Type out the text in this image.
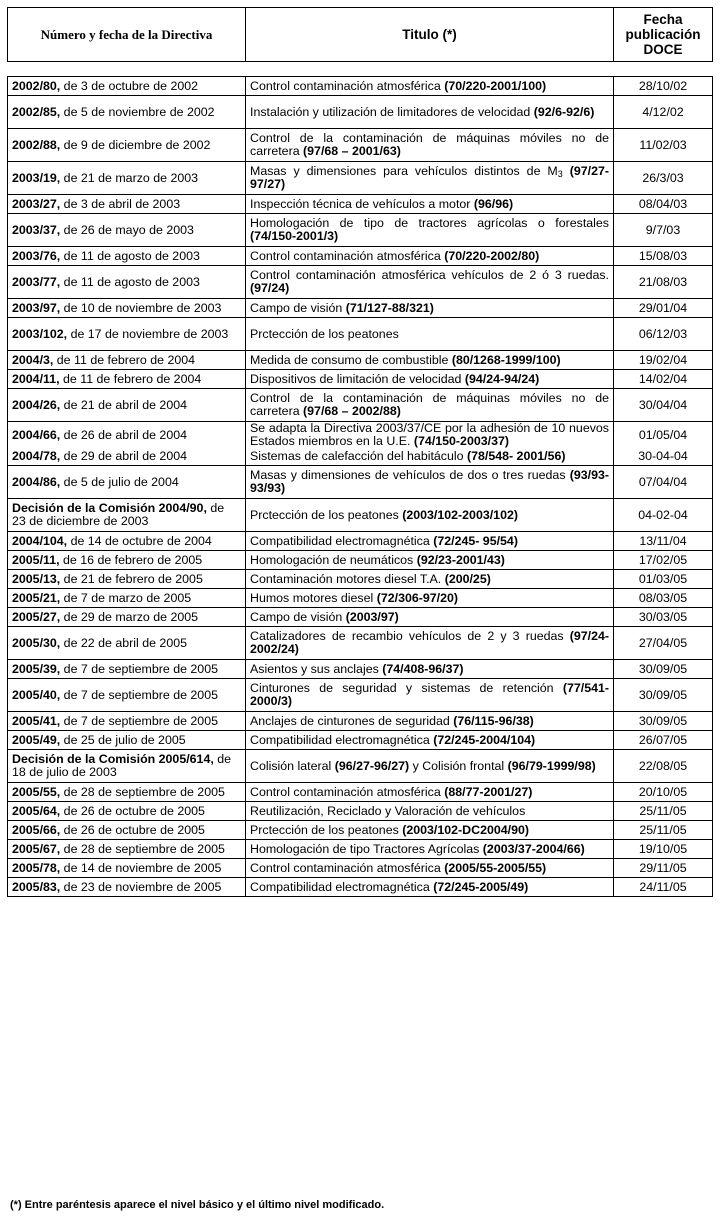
Número y fecha de la Directiva	Titulo (*)	Fecha
publicación
DOCE
2002/80, de 3 de octubre de 2002	Control contaminación atmosférica (70/220-2001/100)	28/10/02
2002/85, de 5 de noviembre de 2002	Instalación y utilización de limitadores de velocidad (92/6-92/6)	4/12/02
2002/88, de 9 de diciembre de 2002	Control de la contaminación de máquinas móviles no de carretera (97/68 – 2001/63)	11/02/03
2003/19, de 21 de marzo de 2003	Masas y dimensiones para vehículos distintos de $M_3$ (97/27-97/27)	26/3/03
2003/27, de 3 de abril de 2003	Inspección técnica de vehículos a motor (96/96)	08/04/03
2003/37, de 26 de mayo de 2003	Homologación de tipo de tractores agrícolas o forestales (74/150-2001/3)	9/7/03
2003/76, de 11 de agosto de 2003	Control contaminación atmosférica (70/220-2002/80)	15/08/03
2003/77, de 11 de agosto de 2003	Control contaminación atmosférica vehículos de 2 ó 3 ruedas. (97/24)	21/08/03
2003/97, de 10 de noviembre de 2003	Campo de visión (71/127-88/321)	29/01/04
2003/102, de 17 de noviembre de 2003	Prctección de los peatones	06/12/03
2004/3, de 11 de febrero de 2004	Medida de consumo de combustible (80/1268-1999/100)	19/02/04
2004/11, de 11 de febrero de 2004	Dispositivos de limitación de velocidad (94/24-94/24)	14/02/04
2004/26, de 21 de abril de 2004	Control de la contaminación de máquinas móviles no de carretera (97/68 – 2002/88)	30/04/04
2004/66, de 26 de abril de 2004	Se adapta la Directiva 2003/37/CE por la adhesión de 10 nuevos Estados miembros en la U.E. (74/150-2003/37)	01/05/04
2004/78, de 29 de abril de 2004	Sistemas de calefacción del habitáculo (78/548- 2001/56)	30-04-04
2004/86, de 5 de julio de 2004	Masas y dimensiones de vehículos de dos o tres ruedas (93/93-93/93)	07/04/04
Decisión de la Comisión 2004/90, de 23 de diciembre de 2003	Prctección de los peatones (2003/102-2003/102)	04-02-04
2004/104, de 14 de octubre de 2004	Compatibilidad electromagnética (72/245- 95/54)	13/11/04
2005/11, de 16 de febrero de 2005	Homologación de neumáticos (92/23-2001/43)	17/02/05
2005/13, de 21 de febrero de 2005	Contaminación motores diesel T.A. (200/25)	01/03/05
2005/21, de 7 de marzo de 2005	Humos motores diesel (72/306-97/20)	08/03/05
2005/27, de 29 de marzo de 2005	Campo de visión (2003/97)	30/03/05
2005/30, de 22 de abril de 2005	Catalizadores de recambio vehículos de 2 y 3 ruedas (97/24-2002/24)	27/04/05
2005/39, de 7 de septiembre de 2005	Asientos y sus anclajes (74/408-96/37)	30/09/05
2005/40, de 7 de septiembre de 2005	Cinturones de seguridad y sistemas de retención (77/541-2000/3)	30/09/05
2005/41, de 7 de septiembre de 2005	Anclajes de cinturones de seguridad (76/115-96/38)	30/09/05
2005/49, de 25 de julio de 2005	Compatibilidad electromagnética (72/245-2004/104)	26/07/05
Decisión de la Comisión 2005/614, de 18 de julio de 2003	Colisión lateral (96/27-96/27) y Colisión frontal (96/79-1999/98)	22/08/05
2005/55, de 28 de septiembre de 2005	Control contaminación atmosférica (88/77-2001/27)	20/10/05
2005/64, de 26 de octubre de 2005	Reutilización, Reciclado y Valoración de vehículos	25/11/05
2005/66, de 26 de octubre de 2005	Prctección de los peatones (2003/102-DC2004/90)	25/11/05
2005/67, de 28 de septiembre de 2005	Homologación de tipo Tractores Agrícolas (2003/37-2004/66)	19/10/05
2005/78, de 14 de noviembre de 2005	Control contaminación atmosférica (2005/55-2005/55)	29/11/05
2005/83, de 23 de noviembre de 2005	Compatibilidad electromagnética (72/245-2005/49)	24/11/05
(*) Entre paréntesis aparece el nivel básico y el último nivel modificado.
